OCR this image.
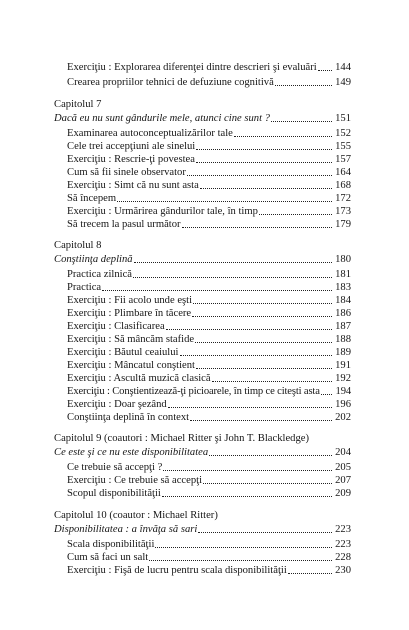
Exerciţiu : Explorarea diferenţei dintre descrieri şi evaluări 144
Crearea propriilor tehnici de defuziune cognitivă	149
Capitolul 7
Dacă eu nu sunt gândurile mele, atunci cine sunt ?	151
Examinarea autoconceptualizărilor tale	152
Cele trei accepţiuni ale sinelui	155
Exerciţiu : Rescrie-ţi povestea	157
Cum să fii sinele observator	164
Exerciţiu : Simt că nu sunt asta	168
Să începem	172
Exerciţiu : Urmărirea gândurilor tale, în timp	173
Să trecem la pasul următor	179
Capitolul 8
Conştiinţa deplină	180
Practica zilnică	181
Practica	183
Exerciţiu : Fii acolo unde eşti	184
Exerciţiu : Plimbare în tăcere	186
Exerciţiu : Clasificarea	187
Exerciţiu : Să mâncăm stafide	188
Exerciţiu : Băutul ceaiului	189
Exerciţiu : Mâncatul conştient	191
Exerciţiu : Ascultă muzică clasică	192
Exerciţiu : Conştientizează-ţi picioarele, în timp ce citeşti asta 194
Exerciţiu : Doar şezând	196
Conştiinţa deplină în context	202
Capitolul 9 (coautori : Michael Ritter şi John T. Blackledge)
Ce este şi ce nu este disponibilitatea	204
Ce trebuie să accepţi ?	205
Exerciţiu : Ce trebuie să accepţi	207
Scopul disponibilităţii	209
Capitolul 10 (coautor : Michael Ritter)
Disponibilitatea : a învăţa să sari	223
Scala disponibilităţii	223
Cum să faci un salt	228
Exerciţiu : Fişă de lucru pentru scala disponibilităţii	230
